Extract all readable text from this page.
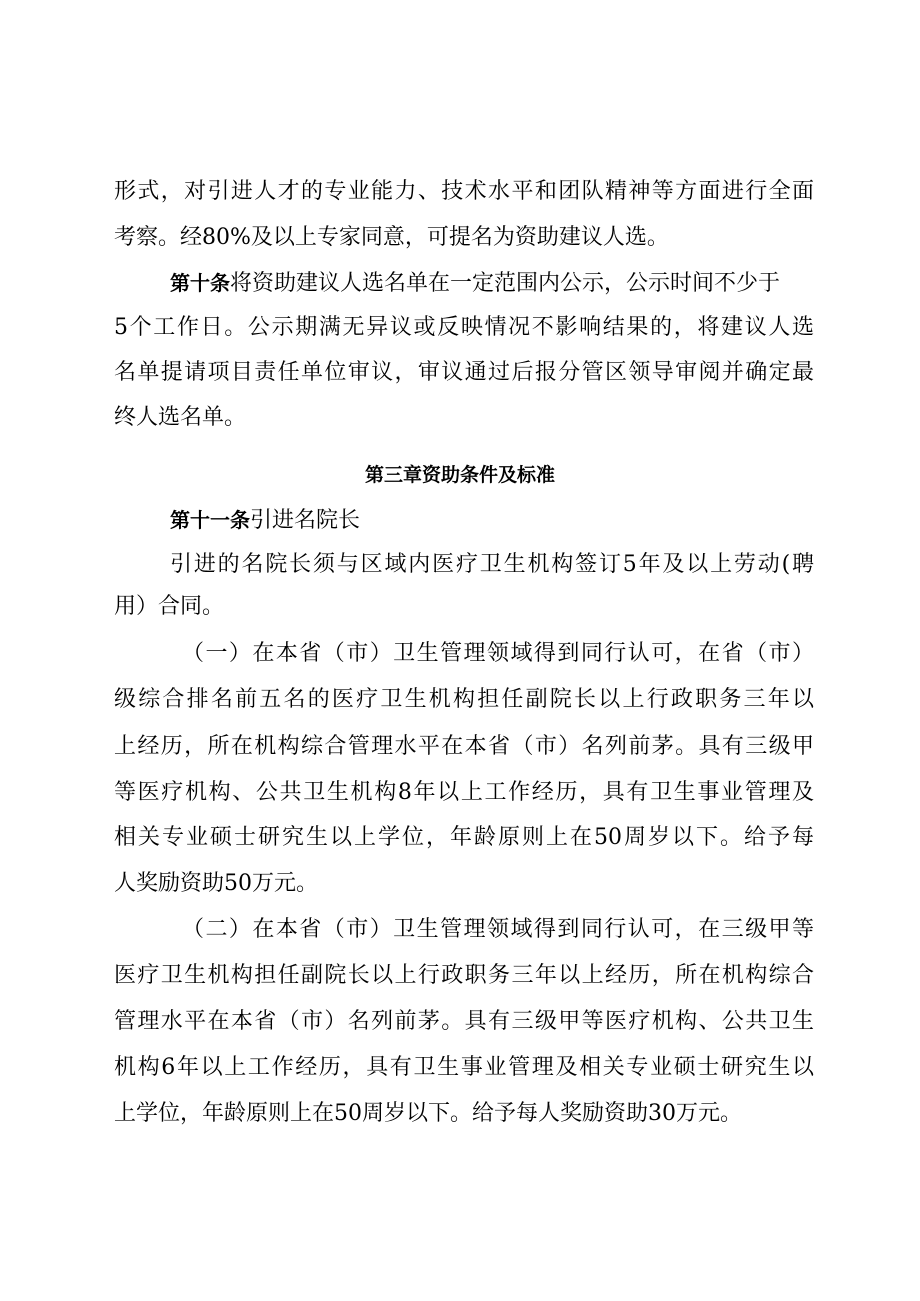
形式，对引进人才的专业能力、技术水平和团队精神等方面进行全面
考察。经80%及以上专家同意，可提名为资助建议人选。
第十条将资助建议人选名单在一定范围内公示，公示时间不少于
5个工作日。公示期满无异议或反映情况不影响结果的，将建议人选
名单提请项目责任单位审议，审议通过后报分管区领导审阅并确定最
终人选名单。
第三章资助条件及标准
第十一条引进名院长
引进的名院长须与区域内医疗卫生机构签订5年及以上劳动(聘
用）合同。
（一）在本省（市）卫生管理领域得到同行认可，在省（市）
级综合排名前五名的医疗卫生机构担任副院长以上行政职务三年以
上经历，所在机构综合管理水平在本省（市）名列前茅。具有三级甲
等医疗机构、公共卫生机构8年以上工作经历，具有卫生事业管理及
相关专业硕士研究生以上学位，年龄原则上在50周岁以下。给予每
人奖励资助50万元。
（二）在本省（市）卫生管理领域得到同行认可，在三级甲等
医疗卫生机构担任副院长以上行政职务三年以上经历，所在机构综合
管理水平在本省（市）名列前茅。具有三级甲等医疗机构、公共卫生
机构6年以上工作经历，具有卫生事业管理及相关专业硕士研究生以
上学位，年龄原则上在50周岁以下。给予每人奖励资助30万元。
